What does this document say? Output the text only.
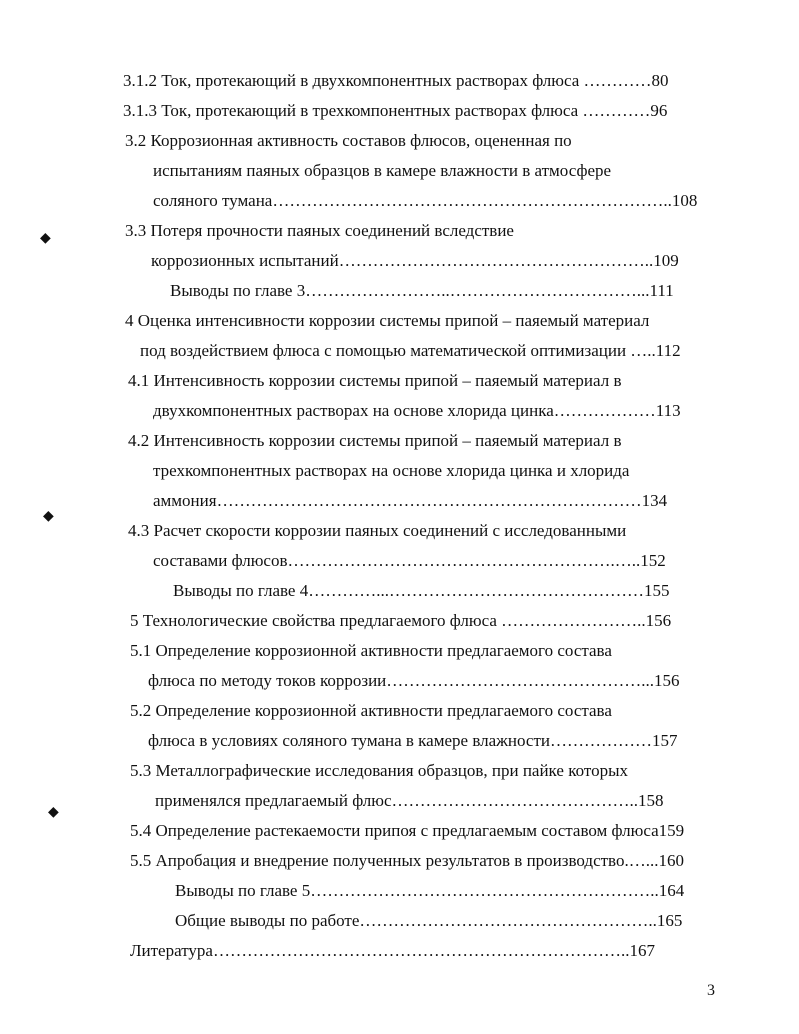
3.1.2 Ток, протекающий в двухкомпонентных растворах флюса …………80
3.1.3 Ток, протекающий в трехкомпонентных растворах флюса …………96
3.2 Коррозионная активность составов флюсов, оцененная по
испытаниям паяных образцов в камере влажности в атмосфере
соляного тумана……………………………………………………………..108
3.3 Потеря прочности паяных соединений вследствие
коррозионных испытаний………………………………………………..109
Выводы по главе 3……………………..……………………………...111
4 Оценка интенсивности коррозии системы припой – паяемый материал
под воздействием флюса с помощью математической оптимизации …..112
4.1 Интенсивность коррозии системы припой – паяемый материал в
двухкомпонентных растворах на основе хлорида цинка………………113
4.2 Интенсивность коррозии системы припой – паяемый материал в
трехкомпонентных растворах на основе хлорида цинка и хлорида
аммония…………………………………………………………………134
4.3 Расчет скорости коррозии паяных соединений с исследованными
составами флюсов………………………………………………….…..152
Выводы по главе 4…………...………………………………………155
5 Технологические свойства предлагаемого флюса ……………………..156
5.1 Определение коррозионной активности предлагаемого состава
флюса по методу токов коррозии………………………………………...156
5.2 Определение коррозионной активности предлагаемого состава
флюса в условиях соляного тумана в камере влажности………………157
5.3 Металлографические исследования образцов, при пайке которых
применялся предлагаемый флюс……………………………………..158
5.4 Определение растекаемости припоя с предлагаемым составом флюса159
5.5 Апробация и внедрение полученных результатов в производство.…...160
Выводы по главе 5……………………………………………………..164
Общие выводы по работе……………………………………………..165
Литература………………………………………………………………..167
◆
◆
◆
3
